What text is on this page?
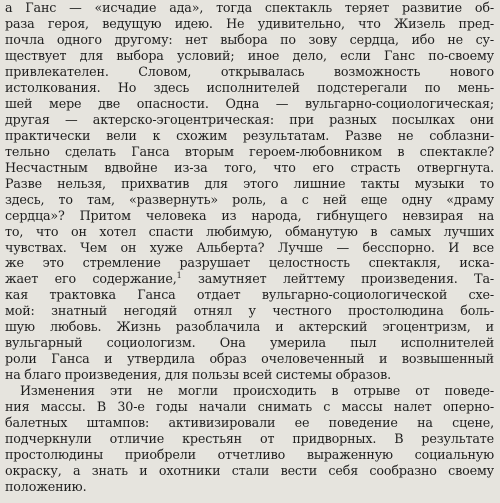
а Ганс — «исчадие ада», тогда спектакль теряет развитие об-
раза героя, ведущую идею. Не удивительно, что Жизель пред-
почла одного другому: нет выбора по зову сердца, ибо не су-
ществует для выбора условий; иное дело, если Ганс по-своему
привлекателен. Словом, открывалась возможность нового
истолкования. Но здесь исполнителей подстерегали по мень-
шей мере две опасности. Одна — вульгарно-социологическая;
другая — актерско-эгоцентрическая: при разных посылках они
практически вели к схожим результатам. Разве не соблазни-
тельно сделать Ганса вторым героем-любовником в спектакле?
Несчастным вдвойне из-за того, что его страсть отвергнута.
Разве нельзя, прихватив для этого лишние такты музыки то
здесь, то там, «развернуть» роль, а с ней еще одну «драму
сердца»? Притом человека из народа, гибнущего невзирая на
то, что он хотел спасти любимую, обманутую в самых лучших
чувствах. Чем он хуже Альберта? Лучше — бесспорно. И все
же это стремление разрушает целостность спектакля, иска-
жает его содержание,$^1$ замутняет лейттему произведения. Та-
кая трактовка Ганса отдает вульгарно-социологической схе-
мой: знатный негодяй отнял у честного простолюдина боль-
шую любовь. Жизнь разоблачила и актерский эгоцентризм, и
вульгарный социологизм. Она умерила пыл исполнителей
роли Ганса и утвердила образ очеловеченный и возвышенный
на благо произведения, для пользы всей системы образов.
Изменения эти не могли происходить в отрыве от поведе-
ния массы. В 30-е годы начали снимать с массы налет оперно-
балетных штампов: активизировали ее поведение на сцене,
подчеркнули отличие крестьян от придворных. В результате
простолюдины приобрели отчетливо выраженную социальную
окраску, а знать и охотники стали вести себя сообразно своему
положению.
